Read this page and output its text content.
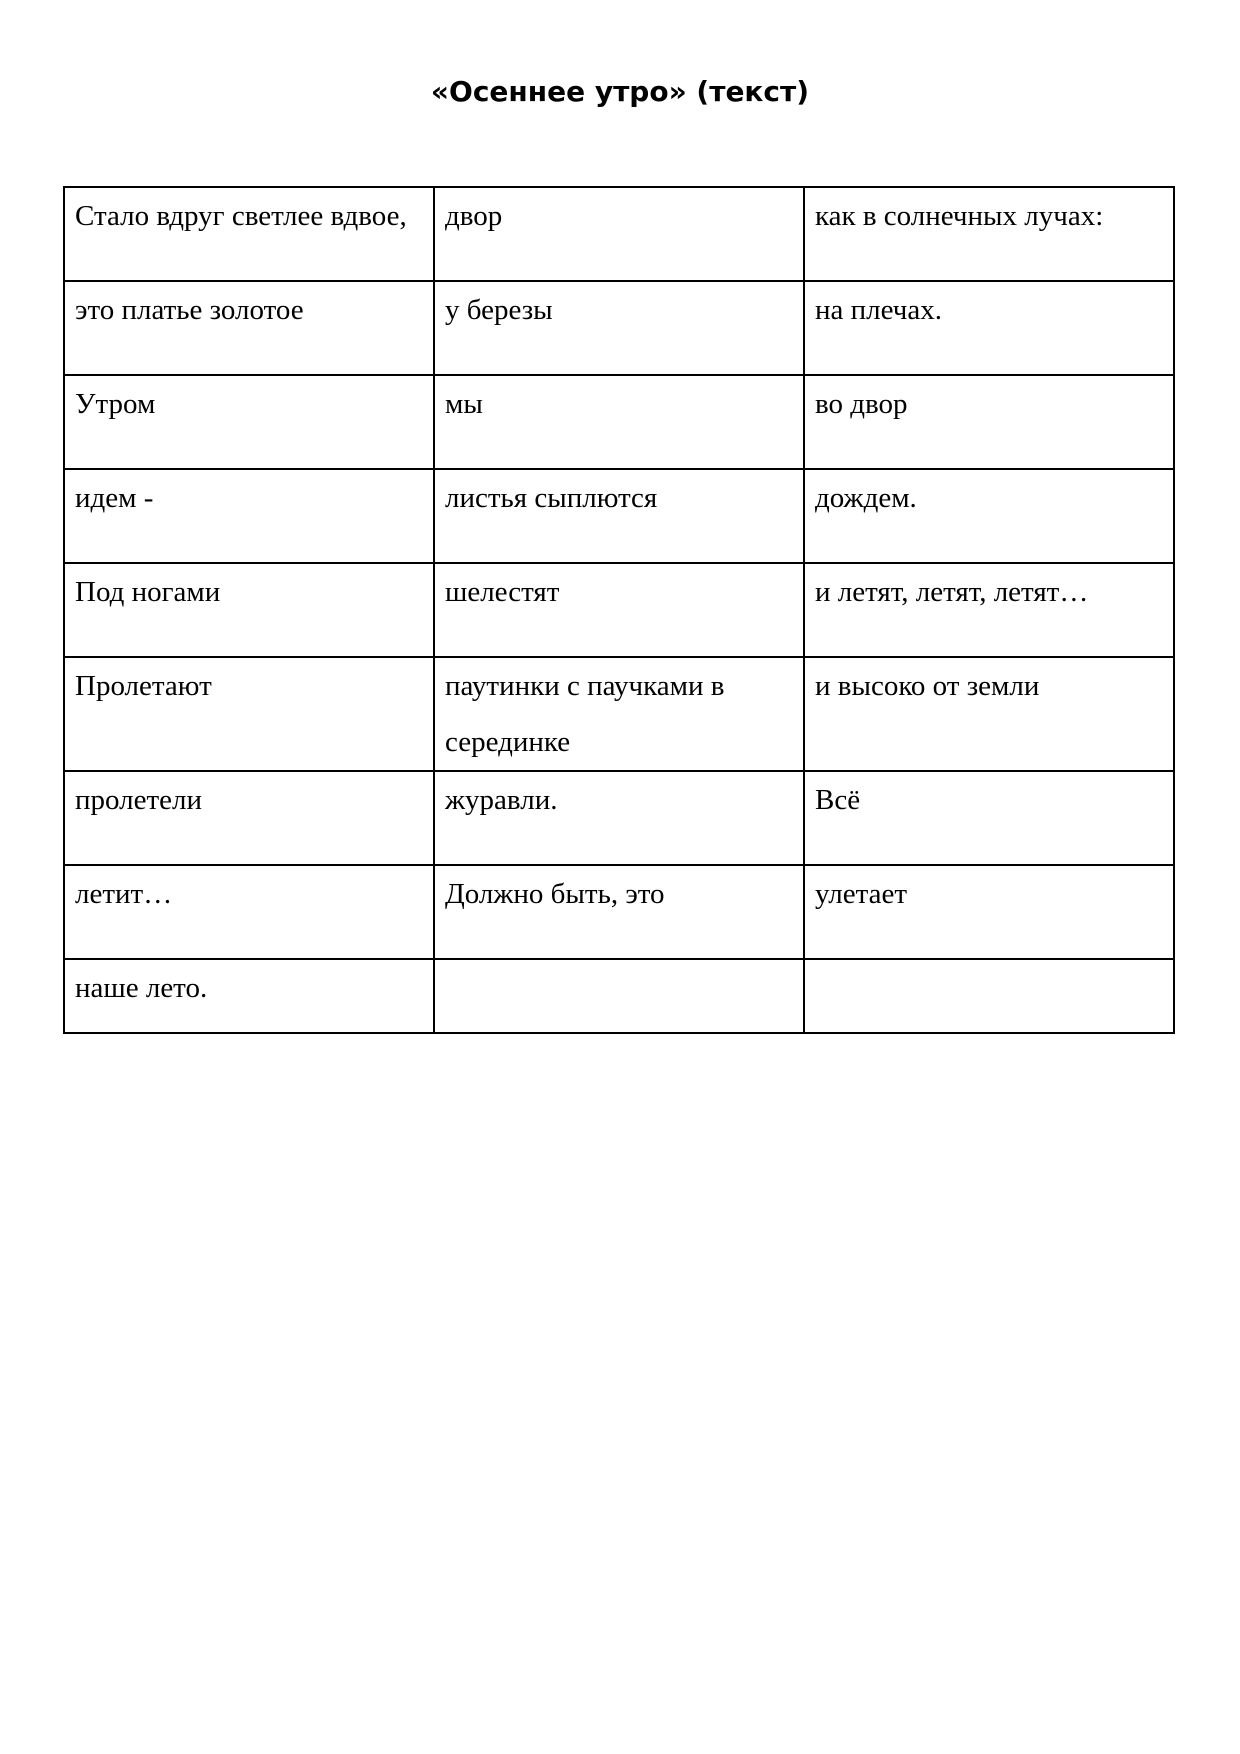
«Осеннее утро» (текст)
Стало вдруг светлее вдвое,	двор	как в солнечных лучах:
это платье золотое	у березы	на плечах.
Утром	мы	во двор
идем -	листья сыплются	дождем.
Под ногами	шелестят	и летят, летят, летят…
Пролетают	паутинки с паучками в серединке	и высоко от земли
пролетели	журавли.	Всё
летит…	Должно быть, это	улетает
наше лето.		
